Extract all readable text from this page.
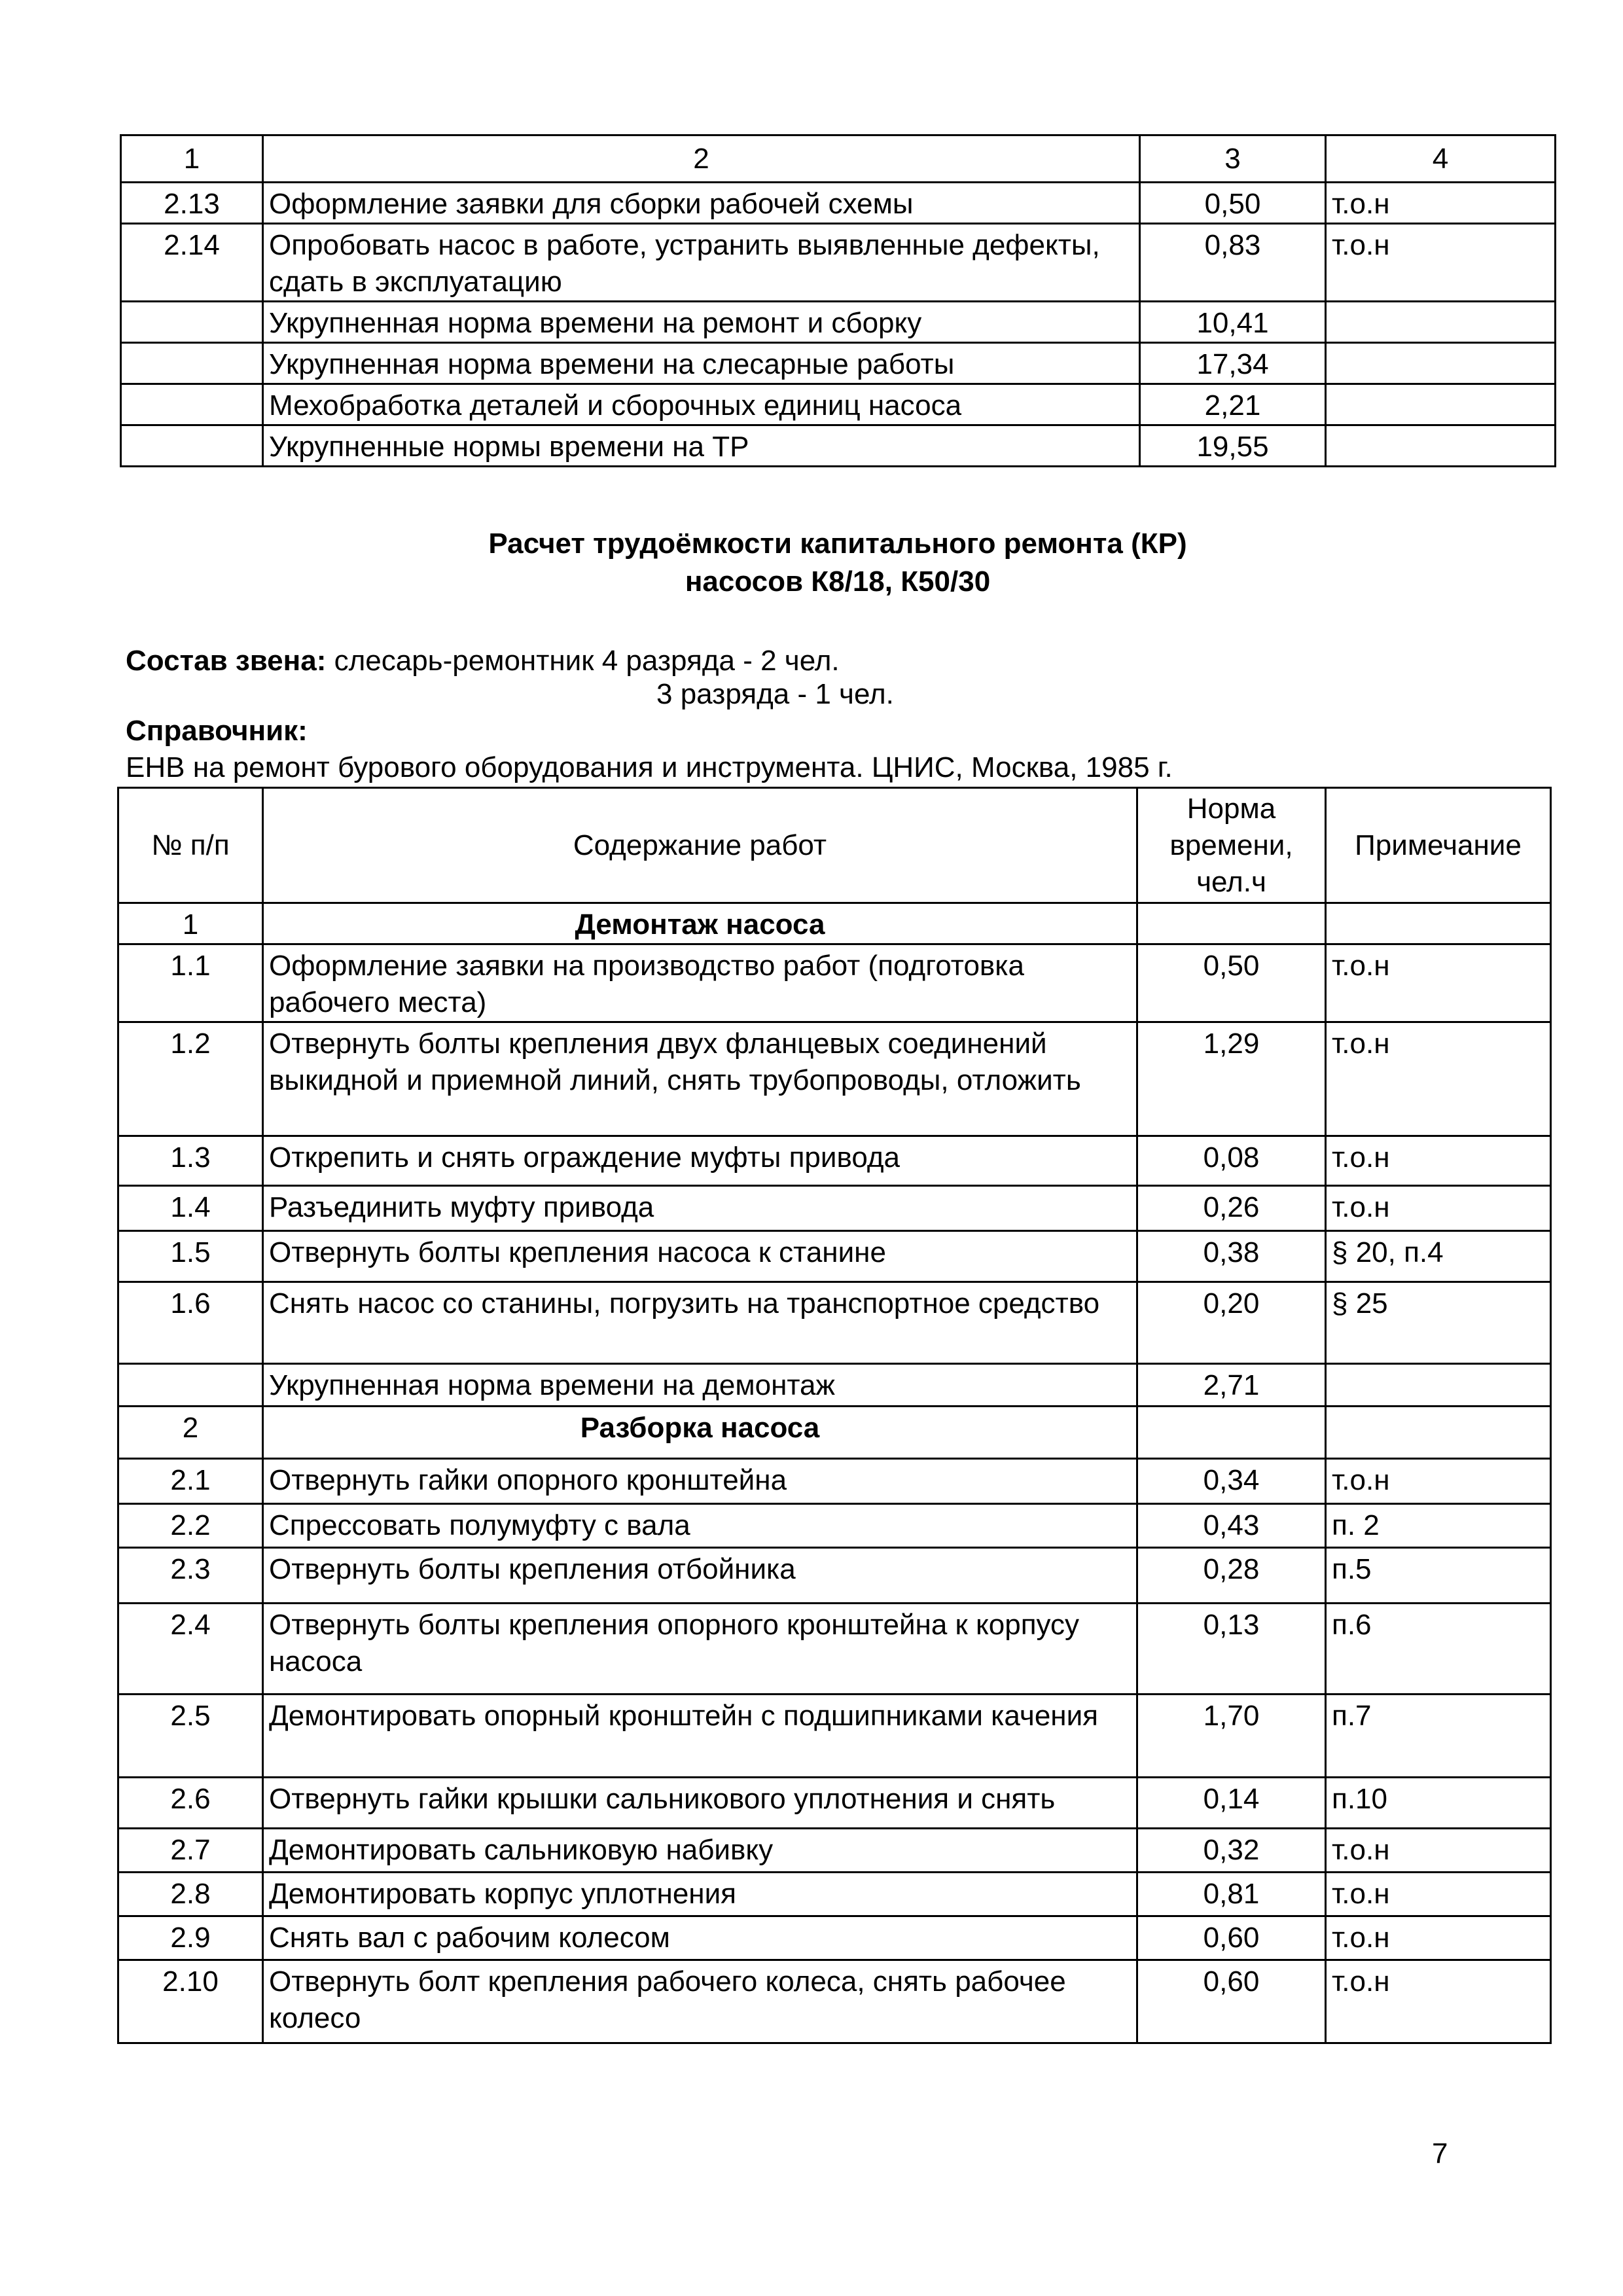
1	2	3	4
2.13	Оформление заявки для сборки рабочей схемы	0,50	т.о.н
2.14	Опробовать насос в работе, устранить выявленные дефекты, сдать в эксплуатацию	0,83	т.о.н
	Укрупненная норма времени на ремонт и сборку	10,41	
	Укрупненная норма времени на слесарные работы	17,34	
	Мехобработка деталей и сборочных единиц насоса	2,21	
	Укрупненные нормы времени на ТР	19,55	
Расчет трудоёмкости капитального ремонта (КР)
насосов К8/18, К50/30
Состав звена: слесарь-ремонтник 4 разряда - 2 чел.
3 разряда - 1 чел.
Справочник:
ЕНВ на ремонт бурового оборудования и инструмента. ЦНИС, Москва, 1985 г.
№ п/п	Содержание работ	Норма времени, чел.ч	Примечание
1	Демонтаж насоса		
1.1	Оформление заявки на производство работ (подготовка рабочего места)	0,50	т.о.н
1.2	Отвернуть болты крепления двух фланцевых соединений выкидной и приемной линий, снять трубопроводы, отложить	1,29	т.о.н
1.3	Открепить и снять ограждение муфты привода	0,08	т.о.н
1.4	Разъединить муфту привода	0,26	т.о.н
1.5	Отвернуть болты крепления насоса к станине	0,38	§ 20, п.4
1.6	Снять насос со станины, погрузить на транспортное средство	0,20	§ 25
	Укрупненная норма времени на демонтаж	2,71	
2	Разборка насоса		
2.1	Отвернуть гайки опорного кронштейна	0,34	т.о.н
2.2	Спрессовать полумуфту с вала	0,43	п. 2
2.3	Отвернуть болты крепления отбойника	0,28	п.5
2.4	Отвернуть болты крепления опорного кронштейна к корпусу насоса	0,13	п.6
2.5	Демонтировать опорный кронштейн с подшипниками качения	1,70	п.7
2.6	Отвернуть гайки крышки сальникового уплотнения и снять	0,14	п.10
2.7	Демонтировать сальниковую набивку	0,32	т.о.н
2.8	Демонтировать корпус уплотнения	0,81	т.о.н
2.9	Снять вал с рабочим колесом	0,60	т.о.н
2.10	Отвернуть болт крепления рабочего колеса, снять рабочее колесо	0,60	т.о.н
7
